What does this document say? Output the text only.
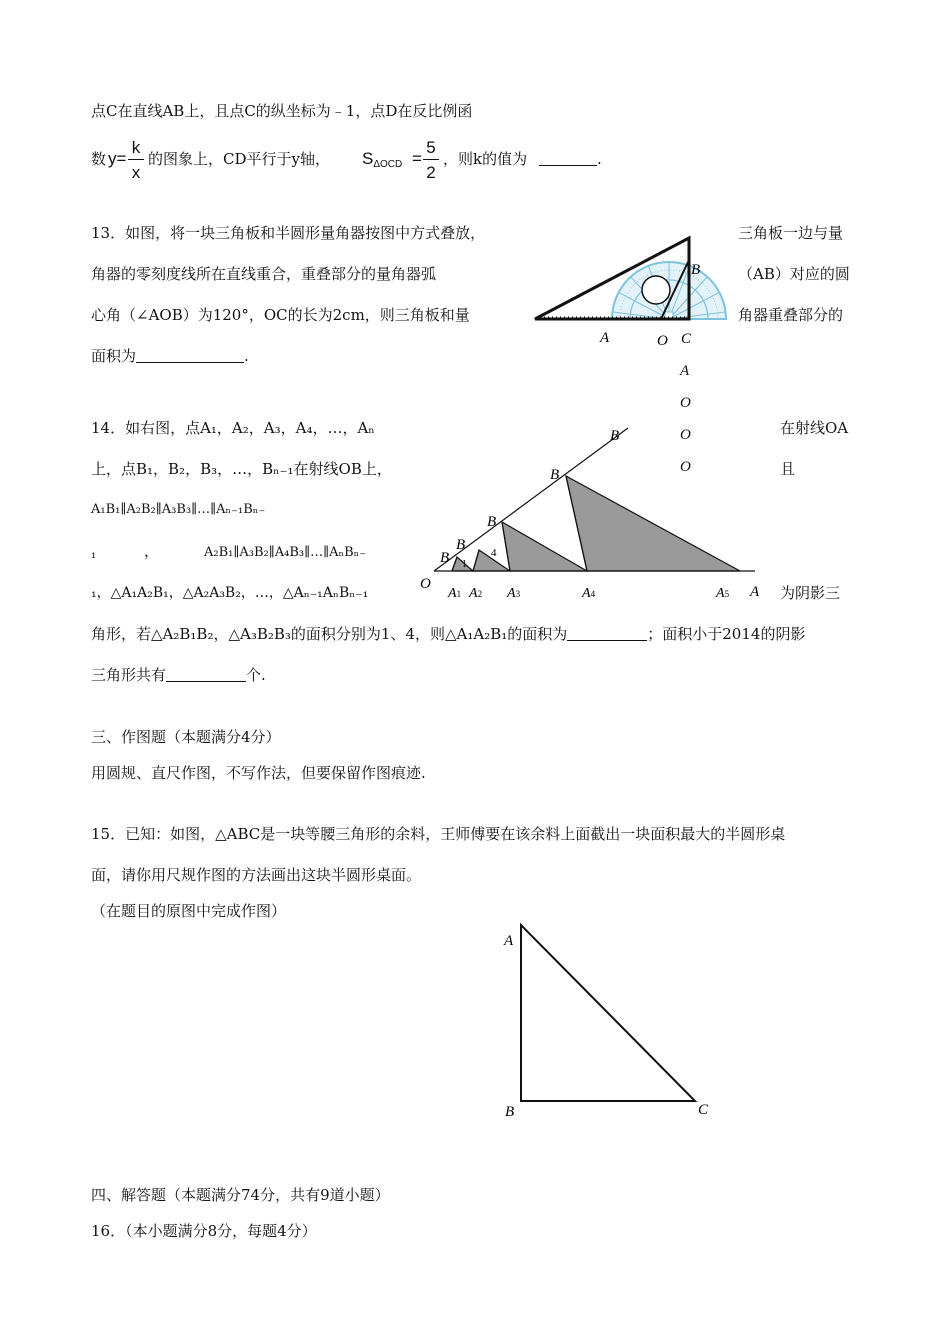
点C在直线AB上，且点C的纵坐标为﹣1，点D在反比例函
数 $y= \frac{k}{x}$ 的图象上，CD平行于y轴， $S_{\Delta OCD} = \frac{5}{2}$ ，则k的值为	.
13．如图，将一块三角板和半圆形量角器按图中方式叠放，	三角板一边与量
角器的零刻度线所在直线重合，重叠部分的量角器弧	（AB）对应的圆
心角（∠AOB）为120°，OC的长为2cm，则三角板和量	角器重叠部分的
面积为	.
A	O C
B
A
O
O
O
14．如右图，点A₁，A₂，A₃，A₄，…，Aₙ	在射线OA
上，点B₁，B₂，B₃，…，Bₙ₋₁在射线OB上，	且
A₁B₁∥A₂B₂∥A₃B₃∥…∥Aₙ₋₁Bₙ₋
₁	，	A₂B₁∥A₃B₂∥A₄B₃∥…∥AₙBₙ₋
₁，△A₁A₂B₁，△A₂A₃B₂，…，△Aₙ₋₁AₙBₙ₋₁	为阴影三
角形，若△A₂B₁B₂，△A₃B₂B₃的面积分别为1、4，则△A₁A₂B₁的面积为	；面积小于2014的阴影
三角形共有	个.
O	A
B
A1 A2 A3	A4	A5
B
B
B
B
1
4
三、作图题（本题满分4分）
用圆规、直尺作图，不写作法，但要保留作图痕迹.
15．已知：如图，△ABC是一块等腰三角形的余料，王师傅要在该余料上面截出一块面积最大的半圆形桌
面，请你用尺规作图的方法画出这块半圆形桌面。
（在题目的原图中完成作图）
A
B	C
四、解答题（本题满分74分，共有9道小题）
16．（本小题满分8分，每题4分）
